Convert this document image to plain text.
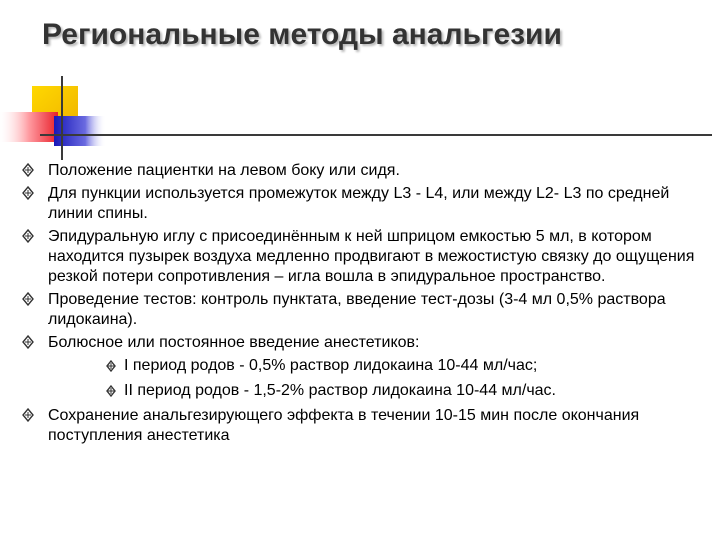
Региональные методы анальгезии
Положение пациентки на левом боку или сидя.
Для пункции используется промежуток между L3 - L4, или между L2- L3 по средней линии спины.
Эпидуральную иглу с присоединённым к ней шприцом емкостью 5 мл, в котором находится пузырек воздуха медленно продвигают в межостистую связку до ощущения резкой потери сопротивления – игла вошла в эпидуральное пространство.
Проведение тестов: контроль пунктата, введение тест-дозы (3-4 мл 0,5% раствора лидокаина).
Болюсное или постоянное введение анестетиков:
I период родов - 0,5% раствор лидокаина 10-44 мл/час;
II период родов - 1,5-2% раствор лидокаина 10-44 мл/час.
Сохранение анальгезирующего эффекта в течении 10-15 мин после окончания поступления анестетика
